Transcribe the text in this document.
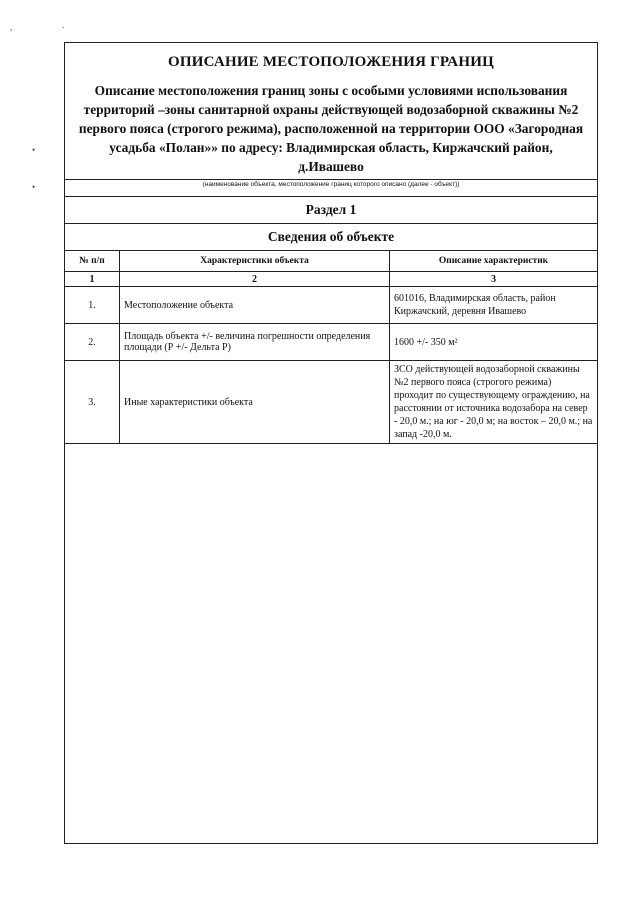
,	.
•
•
ОПИСАНИЕ МЕСТОПОЛОЖЕНИЯ ГРАНИЦ
Описание местоположения границ зоны с особыми условиями использования территорий –зоны санитарной охраны действующей водозаборной скважины №2 первого пояса (строгого режима), расположенной на территории ООО «Загородная усадьба «Полан»» по адресу: Владимирская область, Киржачский район, д.Ивашево
(наименование объекта, местоположение границ которого описано (далее - объект))
Раздел 1
Сведения об объекте
№ п/п	Характеристики объекта	Описание характеристик
1	2	3
1.	Местоположение объекта	601016, Владимирская область, район Киржачский, деревня Ивашево
2.	Площадь объекта +/- величина погрешности определения площади (Р +/- Дельта Р)	1600 +/- 350 м²
3.	Иные характеристики объекта	ЗСО действующей водозаборной скважины №2 первого пояса (строгого режима) проходит по существующему ограждению, на расстоянии от источника водозабора на север - 20,0 м.; на юг - 20,0 м; на восток – 20,0 м.; на запад -20,0 м.
